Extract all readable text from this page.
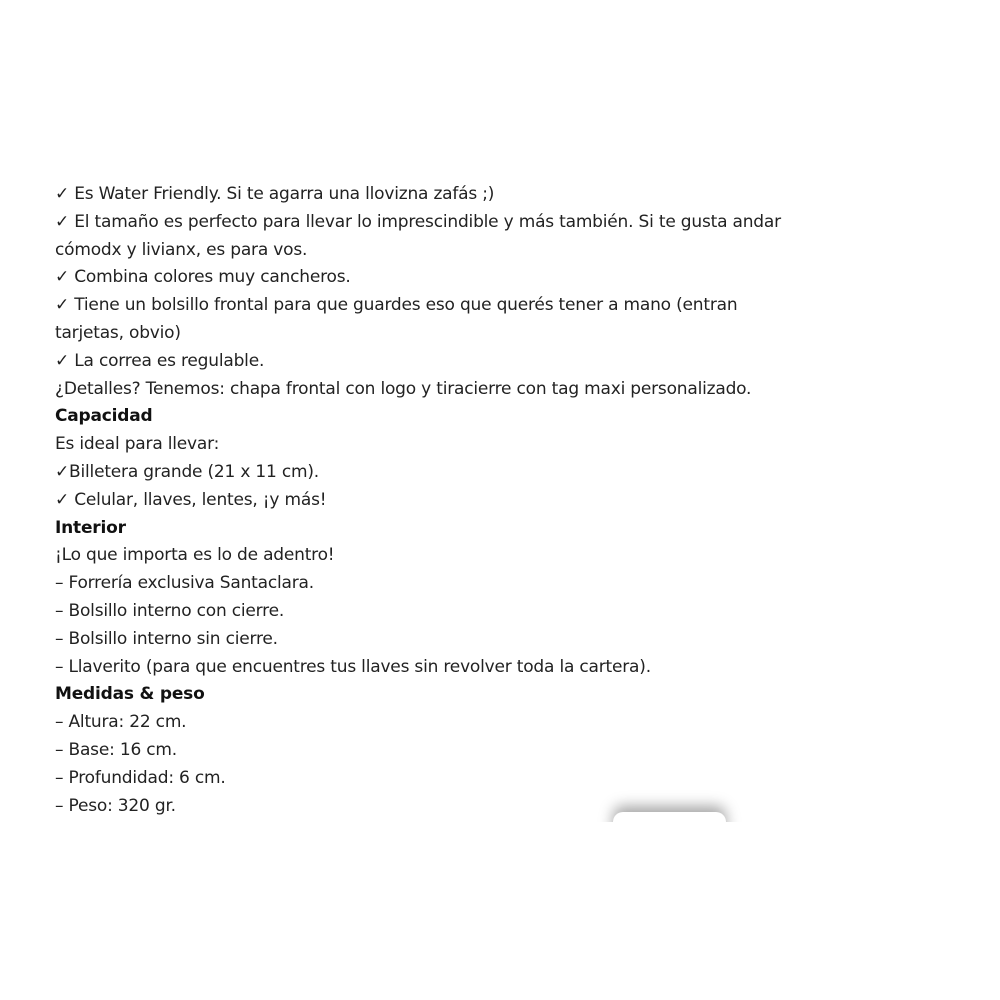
✓ Es Water Friendly. Si te agarra una llovizna zafás ;)
✓ El tamaño es perfecto para llevar lo imprescindible y más también. Si te gusta andar
cómodx y livianx, es para vos.
✓ Combina colores muy cancheros.
✓ Tiene un bolsillo frontal para que guardes eso que querés tener a mano (entran
tarjetas, obvio)
✓ La correa es regulable.
¿Detalles? Tenemos: chapa frontal con logo y tiracierre con tag maxi personalizado.
Capacidad
Es ideal para llevar:
✓Billetera grande (21 x 11 cm).
✓ Celular, llaves, lentes, ¡y más!
Interior
¡Lo que importa es lo de adentro!
– Forrería exclusiva Santaclara.
– Bolsillo interno con cierre.
– Bolsillo interno sin cierre.
– Llaverito (para que encuentres tus llaves sin revolver toda la cartera).
Medidas & peso
– Altura: 22 cm.
– Base: 16 cm.
– Profundidad: 6 cm.
– Peso: 320 gr.
